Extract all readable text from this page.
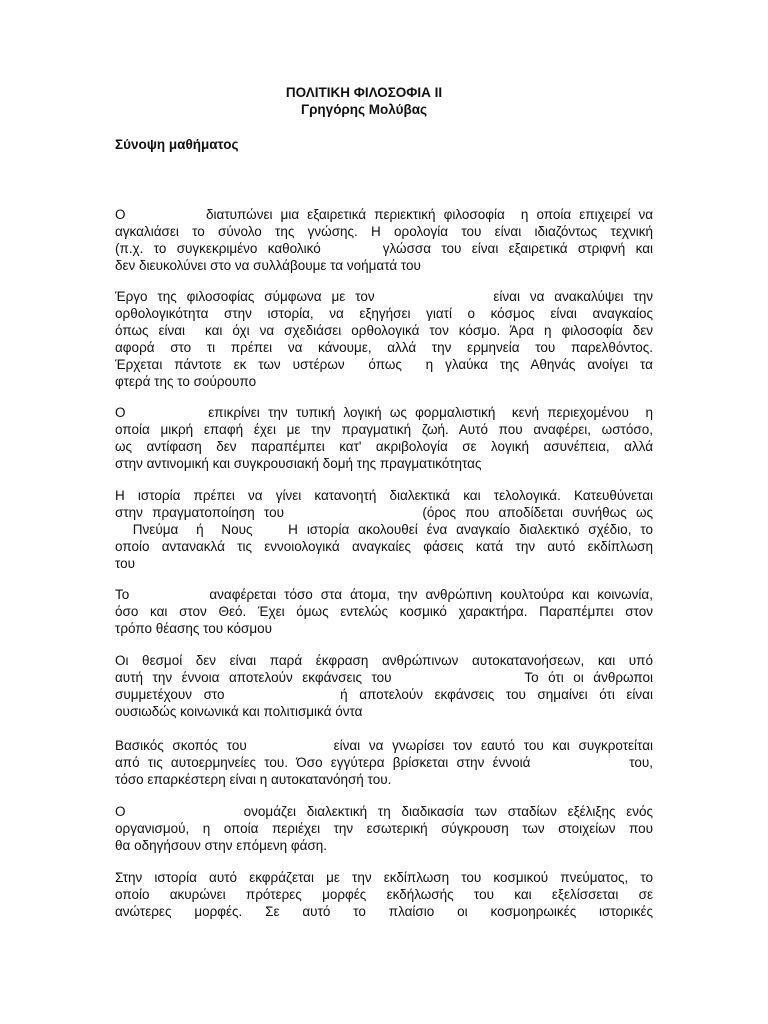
ΠΟΛΙΤΙΚΗ ΦΙΛΟΣΟΦΙΑ ΙΙ
Γρηγόρης Μολύβας
Σύνοψη μαθήματος
Ο          διατυπώνει μια εξαιρετικά περιεκτική φιλοσοφία  η οποία επιχειρεί να
αγκαλιάσει το σύνολο της γνώσης. Η ορολογία του είναι ιδιαζόντως τεχνική
(π.χ. το συγκεκριμένο καθολικό      γλώσσα του είναι εξαιρετικά στριφνή και
δεν διευκολύνει στο να συλλάβουμε τα νοήματά του
Έργο της φιλοσοφίας σύμφωνα με τον            είναι να ανακαλύψει την
ορθολογικότητα στην ιστορία, να εξηγήσει γιατί ο κόσμος είναι αναγκαίος
όπως είναι  και όχι να σχεδιάσει ορθολογικά τον κόσμο. Άρα η φιλοσοφία δεν
αφορά στο τι πρέπει να κάνουμε, αλλά την ερμηνεία του παρελθόντος.
Έρχεται πάντοτε εκ των υστέρων  όπως  η γλαύκα της Αθηνάς ανοίγει τα
φτερά της το σούρουπο
Ο          επικρίνει την τυπική λογική ως φορμαλιστική  κενή περιεχομένου  η
οποία μικρή επαφή έχει με την πραγματική ζωή. Αυτό που αναφέρει, ωστόσο,
ως αντίφαση δεν παραπέμπει κατ' ακριβολογία σε λογική ασυνέπεια, αλλά
στην αντινομική και συγκρουσιακή δομή της πραγματικότητας
Η ιστορία πρέπει να γίνει κατανοητή διαλεκτικά και τελολογικά. Κατευθύνεται
στην πραγματοποίηση του               (όρος που αποδίδεται συνήθως ως
Πνεύμα  ή  Νους    Η ιστορία ακολουθεί ένα αναγκαίο διαλεκτικό σχέδιο, το
οποίο αντανακλά τις εννοιολογικά αναγκαίες φάσεις κατά την αυτό εκδίπλωση
του
Το          αναφέρεται τόσο στα άτομα, την ανθρώπινη κουλτούρα και κοινωνία,
όσο και στον Θεό. Έχει όμως εντελώς κοσμικό χαρακτήρα. Παραπέμπει στον
τρόπο θέασης του κόσμου
Οι θεσμοί δεν είναι παρά έκφραση ανθρώπινων αυτοκατανοήσεων, και υπό
αυτή την έννοια αποτελούν εκφάνσεις του              Το ότι οι άνθρωποι
συμμετέχουν στο          ή αποτελούν εκφάνσεις του σημαίνει ότι είναι
ουσιωδώς κοινωνικά και πολιτισμικά όντα
Βασικός σκοπός του          είναι να γνωρίσει τον εαυτό του και συγκροτείται
από τις αυτοερμηνείες του. Όσο εγγύτερα βρίσκεται στην έννοιά            του,
τόσο επαρκέστερη είναι η αυτοκατανόησή του.
Ο           ονομάζει διαλεκτική τη διαδικασία των σταδίων εξέλιξης ενός
οργανισμού, η οποία περιέχει την εσωτερική σύγκρουση των στοιχείων που
θα οδηγήσουν στην επόμενη φάση.
Στην ιστορία αυτό εκφράζεται με την εκδίπλωση του κοσμικού πνεύματος, το
οποίο ακυρώνει πρότερες μορφές εκδήλωσής του και εξελίσσεται σε
ανώτερες μορφές. Σε αυτό το πλαίσιο οι κοσμοηρωικές ιστορικές
